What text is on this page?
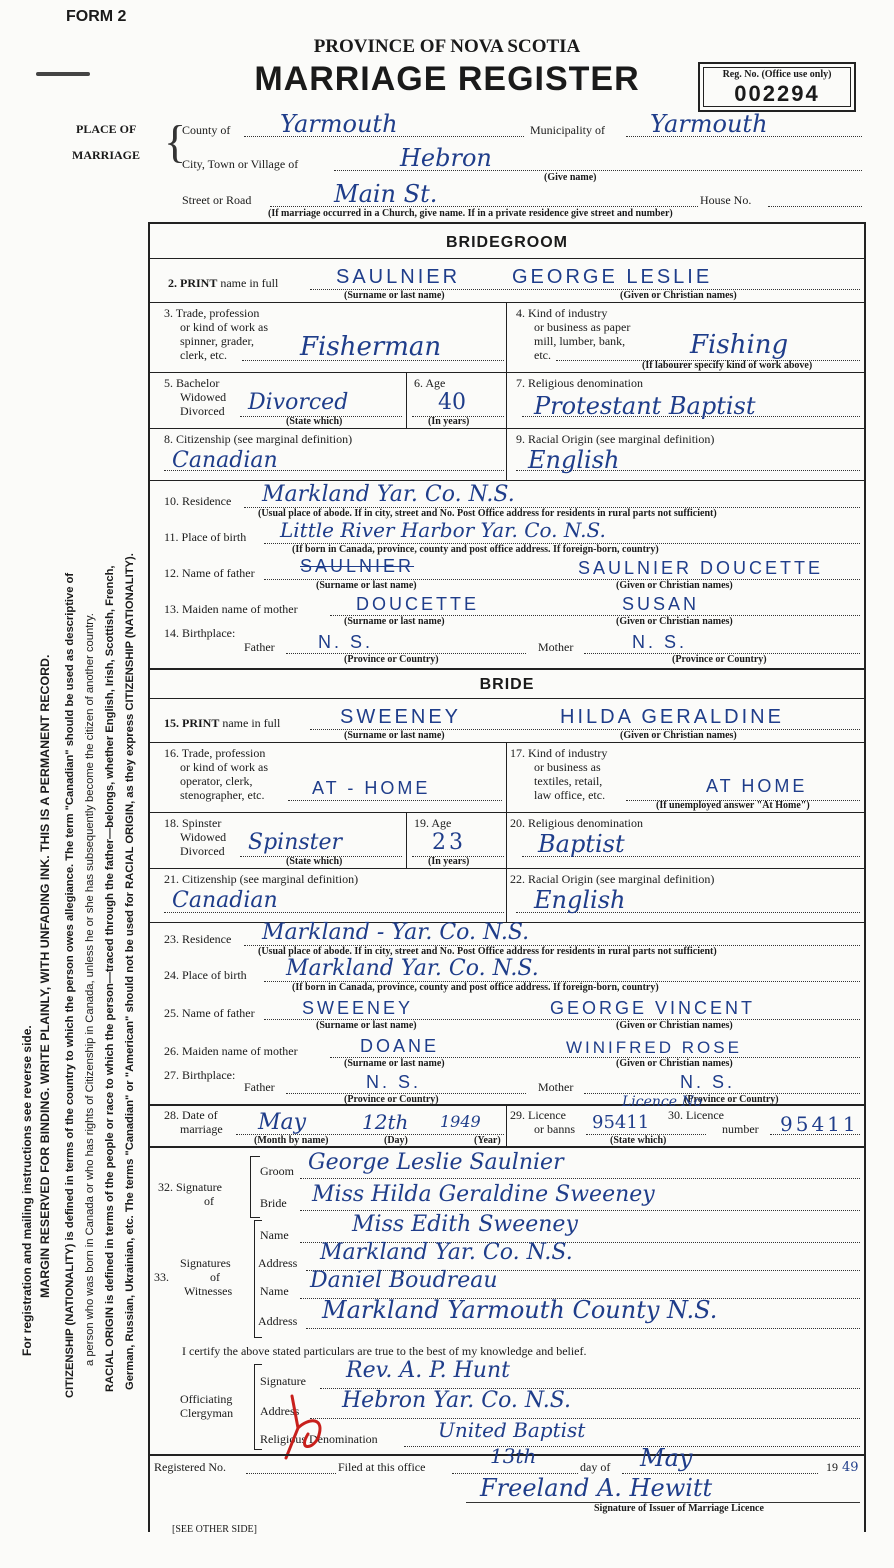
FORM 2
PROVINCE OF NOVA SCOTIA
MARRIAGE REGISTER	Reg. No. (Office use only)
002294
For registration and mailing instructions see reverse side. MARGIN RESERVED FOR BINDING. WRITE PLAINLY, WITH UNFADING INK. THIS IS A PERMANENT RECORD. CITIZENSHIP (NATIONALITY) is defined in terms of the country to which the person owes allegiance. The term "Canadian" should be used as descriptive of a person who was born in Canada or who has rights of Citizenship in Canada, unless he or she has subsequently become the citizen of another country. RACIAL ORIGIN is defined in terms of the people or race to which the person—traced through the father—belongs, whether English, Irish, Scottish, French, German, Russian, Ukrainian, etc. The terms "Canadian" or "American" should not be used for RACIAL ORIGIN, as they express CITIZENSHIP (NATIONALITY).
PLACE OF
MARRIAGE {
County of Yarmouth	Municipality of Yarmouth
City, Town or Village of	Hebron
(Give name)
Street or Road	Main St.	House No.
(If marriage occurred in a Church, give name. If in a private residence give street and number)
BRIDEGROOM
2. PRINT name in full	SAULNIER	GEORGE LESLIE
(Surname or last name)	(Given or Christian names)
3. Trade, profession
or kind of work as
spinner, grader,
clerk, etc.	Fisherman
4. Kind of industry
or business as paper
mill, lumber, bank,
etc.	Fishing
(If labourer specify kind of work above)
5. Bachelor
Widowed
Divorced Divorced
(State which)
6. Age
40
(In years)
7. Religious denomination
Protestant Baptist
8. Citizenship (see marginal definition)
Canadian
9. Racial Origin (see marginal definition)
English
10. Residence Markland Yar. Co. N.S.
(Usual place of abode. If in city, street and No. Post Office address for residents in rural parts not sufficient)
11. Place of birth Little River Harbor Yar. Co. N.S.
(If born in Canada, province, county and post office address. If foreign-born, country)
12. Name of father	SAULNIER	SAULNIER DOUCETTE
(Surname or last name)	(Given or Christian names)
13. Maiden name of mother	DOUCETTE	SUSAN
(Surname or last name)	(Given or Christian names)
14. Birthplace:
Father N. S.
(Province or Country)
Mother	N. S.
(Province or Country)
BRIDE
15. PRINT name in full	SWEENEY	HILDA GERALDINE
(Surname or last name)	(Given or Christian names)
16. Trade, profession
or kind of work as
operator, clerk,
stenographer, etc.	AT - HOME
17. Kind of industry
or business as
textiles, retail,
law office, etc.	AT HOME
(If unemployed answer "At Home")
18. Spinster
Widowed
Divorced Spinster
(State which)
19. Age
23
(In years)
20. Religious denomination
Baptist
21. Citizenship (see marginal definition)
Canadian
22. Racial Origin (see marginal definition)
English
23. Residence Markland - Yar. Co. N.S.
(Usual place of abode. If in city, street and No. Post Office address for residents in rural parts not sufficient)
24. Place of birth Markland Yar. Co. N.S.
(If born in Canada, province, county and post office address. If foreign-born, country)
25. Name of father	SWEENEY	GEORGE VINCENT
(Surname or last name)	(Given or Christian names)
26. Maiden name of mother	DOANE	WINIFRED ROSE
(Surname or last name)	(Given or Christian names)
27. Birthplace:
Father	N. S.
(Province or Country)
Mother	N. S.
(Province or Country)
28. Date of
marriage May	12th 1949
(Month by name)	(Day)	(Year)
29. Licence
or banns
Licence No
95411
(State which)
30. Licence
number 95411
32. Signature
of
Groom George Leslie Saulnier
Bride Miss Hilda Geraldine Sweeney
Signatures
33.	of
Witnesses
Name	Miss Edith Sweeney
Address Markland Yar. Co. N.S.
Name Daniel Boudreau
Address Markland Yarmouth County N.S.
I certify the above stated particulars are true to the best of my knowledge and belief.
Officiating
Clergyman
Signature Rev. A. P. Hunt
Address Hebron Yar. Co. N.S.
Religious Denomination	United Baptist
Registered No.	Filed at this office	13th	day of May	19 49
Freeland A. Hewitt
Signature of Issuer of Marriage Licence
[SEE OTHER SIDE]
